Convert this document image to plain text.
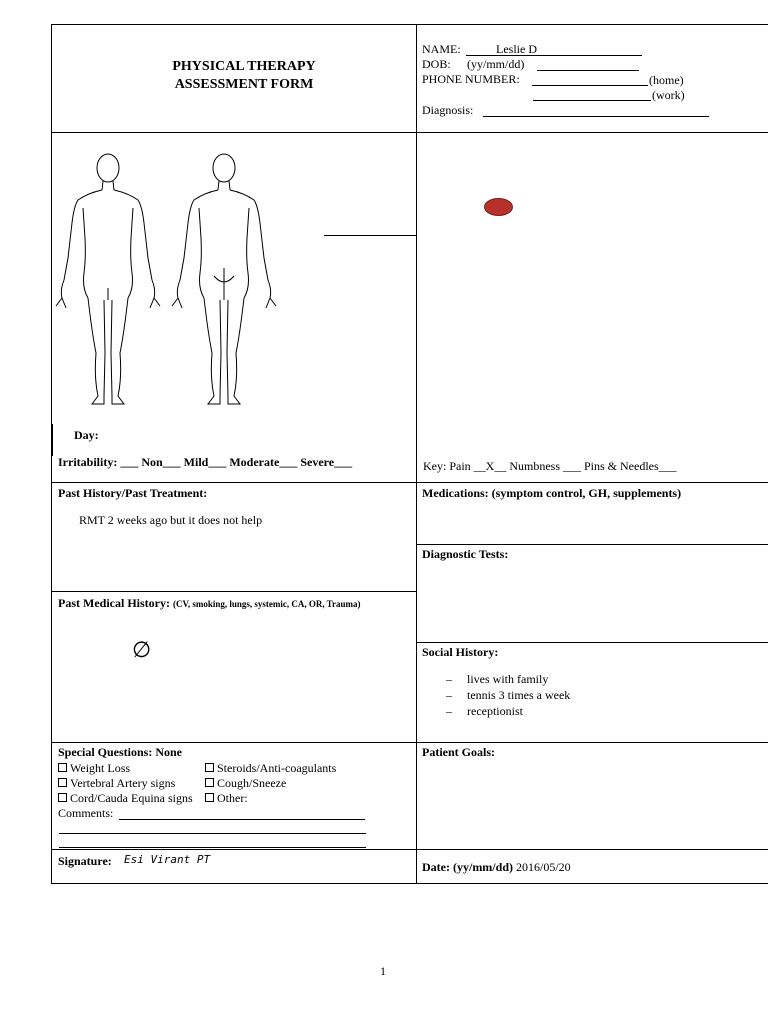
PHYSICAL THERAPY
ASSESSMENT FORM
NAME:	Leslie D
DOB: (yy/mm/dd)
PHONE NUMBER:	(home)
(work)
Diagnosis:
Day:
Irritability: ___ Non___ Mild___ Moderate___ Severe___	Key: Pain __X__ Numbness ___ Pins & Needles___
Past History/Past Treatment:
RMT 2 weeks ago but it does not help
Past Medical History: (CV, smoking, lungs, systemic, CA, OR, Trauma)
∅
Medications: (symptom control, GH, supplements)
Diagnostic Tests:
Social History:
– lives with family
– tennis 3 times a week
– receptionist
Special Questions: None
Weight Loss
Vertebral Artery signs
Cord/Cauda Equina signs
Steroids/Anti-coagulants
Cough/Sneeze
Other:
Comments:
Patient Goals:
Signature: Esi Virant PT
Date: (yy/mm/dd) 2016/05/20
1
